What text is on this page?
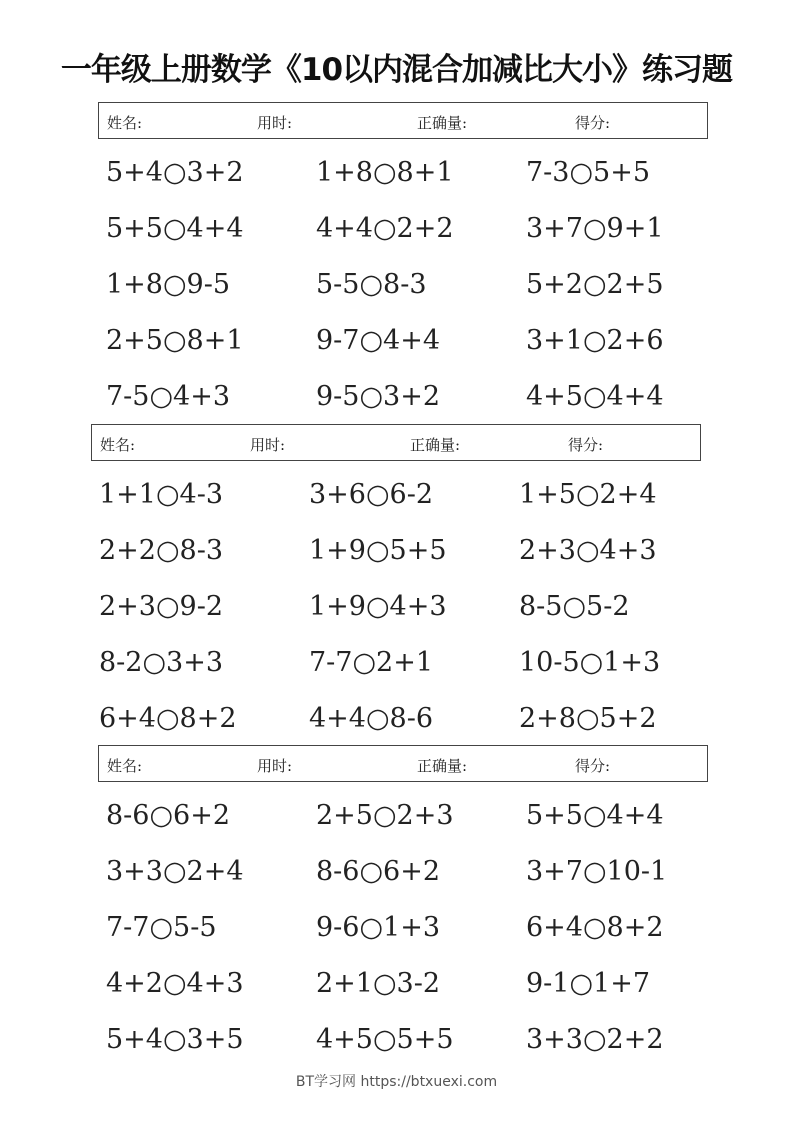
一年级上册数学《10以内混合加减比大小》练习题
姓名:	用时:	正确量:	得分:
5+4○3+2	1+8○8+1	7-3○5+5
5+5○4+4	4+4○2+2	3+7○9+1
1+8○9-5	5-5○8-3	5+2○2+5
2+5○8+1	9-7○4+4	3+1○2+6
7-5○4+3	9-5○3+2	4+5○4+4
姓名:	用时:	正确量:	得分:
1+1○4-3	3+6○6-2	1+5○2+4
2+2○8-3	1+9○5+5	2+3○4+3
2+3○9-2	1+9○4+3	8-5○5-2
8-2○3+3	7-7○2+1	10-5○1+3
6+4○8+2	4+4○8-6	2+8○5+2
姓名:	用时:	正确量:	得分:
8-6○6+2	2+5○2+3	5+5○4+4
3+3○2+4	8-6○6+2	3+7○10-1
7-7○5-5	9-6○1+3	6+4○8+2
4+2○4+3	2+1○3-2	9-1○1+7
5+4○3+5	4+5○5+5	3+3○2+2
BT学习网 https://btxuexi.com
